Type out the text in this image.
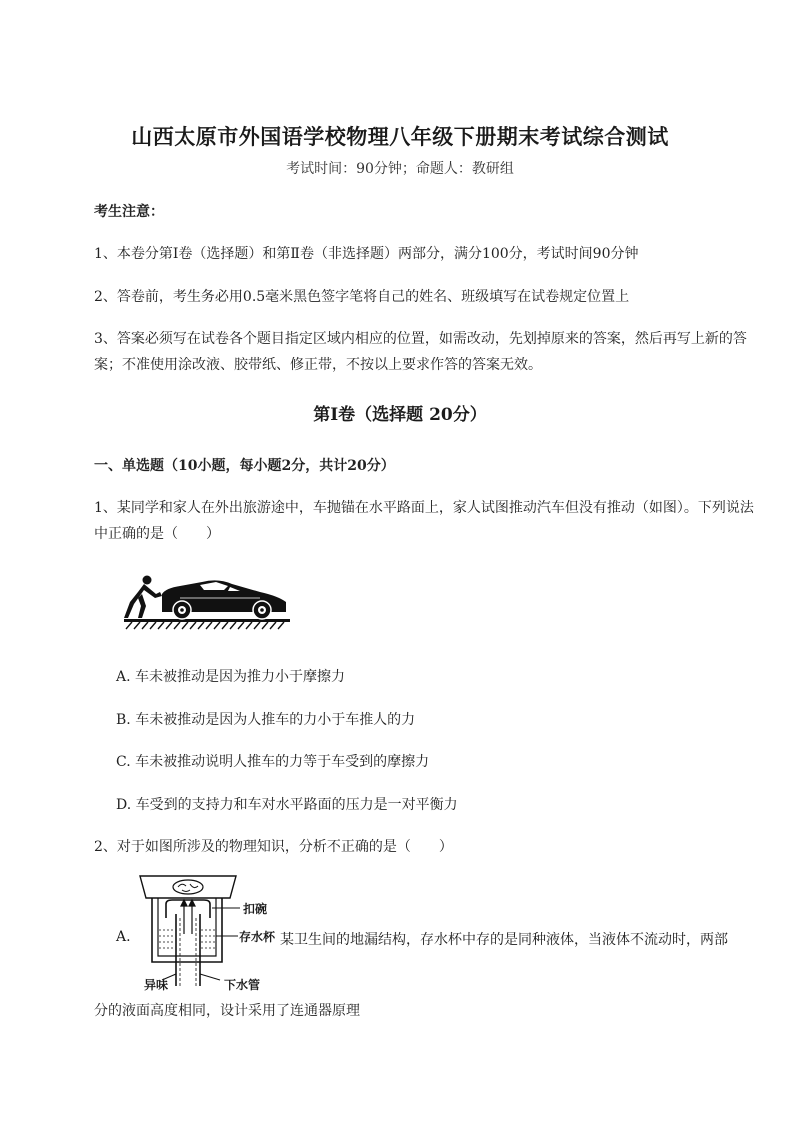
山西太原市外国语学校物理八年级下册期末考试综合测试
考试时间：90分钟；命题人：教研组
考生注意：
1、本卷分第I卷（选择题）和第Ⅱ卷（非选择题）两部分，满分100分，考试时间90分钟
2、答卷前，考生务必用0.5毫米黑色签字笔将自己的姓名、班级填写在试卷规定位置上
3、答案必须写在试卷各个题目指定区域内相应的位置，如需改动，先划掉原来的答案，然后再写上新的答案；不准使用涂改液、胶带纸、修正带，不按以上要求作答的答案无效。
第I卷（选择题 20分）
一、单选题（10小题，每小题2分，共计20分）
1、某同学和家人在外出旅游途中，车抛锚在水平路面上，家人试图推动汽车但没有推动（如图）。下列说法中正确的是（　　）
A. 车未被推动是因为推力小于摩擦力
B. 车未被推动是因为人推车的力小于车推人的力
C. 车未被推动说明人推车的力等于车受到的摩擦力
D. 车受到的支持力和车对水平路面的压力是一对平衡力
2、对于如图所涉及的物理知识，分析不正确的是（　　）
扣碗
存水杯
异味	下水管
A.	某卫生间的地漏结构，存水杯中存的是同种液体，当液体不流动时，两部
分的液面高度相同，设计采用了连通器原理
